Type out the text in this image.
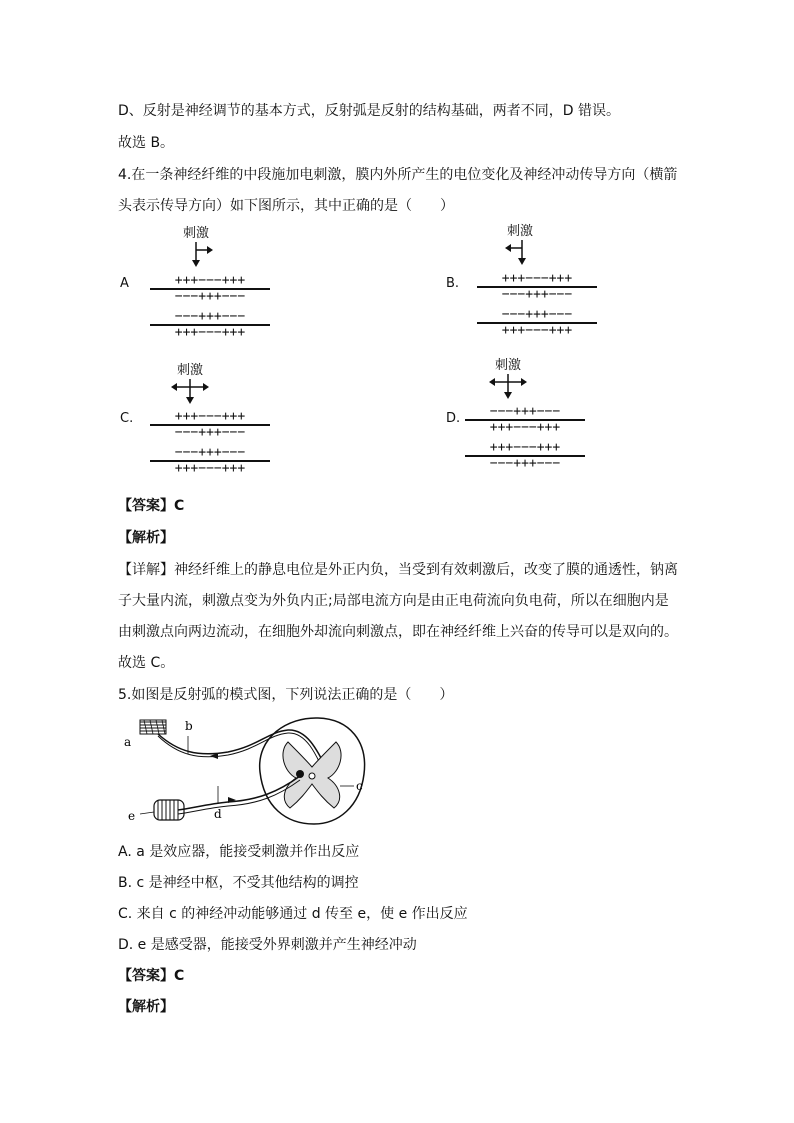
D、反射是神经调节的基本方式，反射弧是反射的结构基础，两者不同，D 错误。
故选 B。
4.在一条神经纤维的中段施加电刺激，膜内外所产生的电位变化及神经冲动传导方向（横箭
头表示传导方向）如下图所示，其中正确的是（　　）
A
刺激
+++−−−+++
−−−+++−−−
−−−+++−−−
+++−−−+++
B.
刺激
+++−−−+++
−−−+++−−−
−−−+++−−−
+++−−−+++
C.
刺激
+++−−−+++
−−−+++−−−
−−−+++−−−
+++−−−+++
D.
刺激
−−−+++−−−
+++−−−+++
+++−−−+++
−−−+++−−−
【答案】C
【解析】
【详解】神经纤维上的静息电位是外正内负，当受到有效刺激后，改变了膜的通透性，钠离
子大量内流，刺激点变为外负内正;局部电流方向是由正电荷流向负电荷，所以在细胞内是
由刺激点向两边流动，在细胞外却流向刺激点，即在神经纤维上兴奋的传导可以是双向的。
故选 C。
5.如图是反射弧的模式图，下列说法正确的是（　　）
a
b
c
d
e
A. a 是效应器，能接受刺激并作出反应
B. c 是神经中枢，不受其他结构的调控
C. 来自 c 的神经冲动能够通过 d 传至 e，使 e 作出反应
D. e 是感受器，能接受外界刺激并产生神经冲动
【答案】C
【解析】
